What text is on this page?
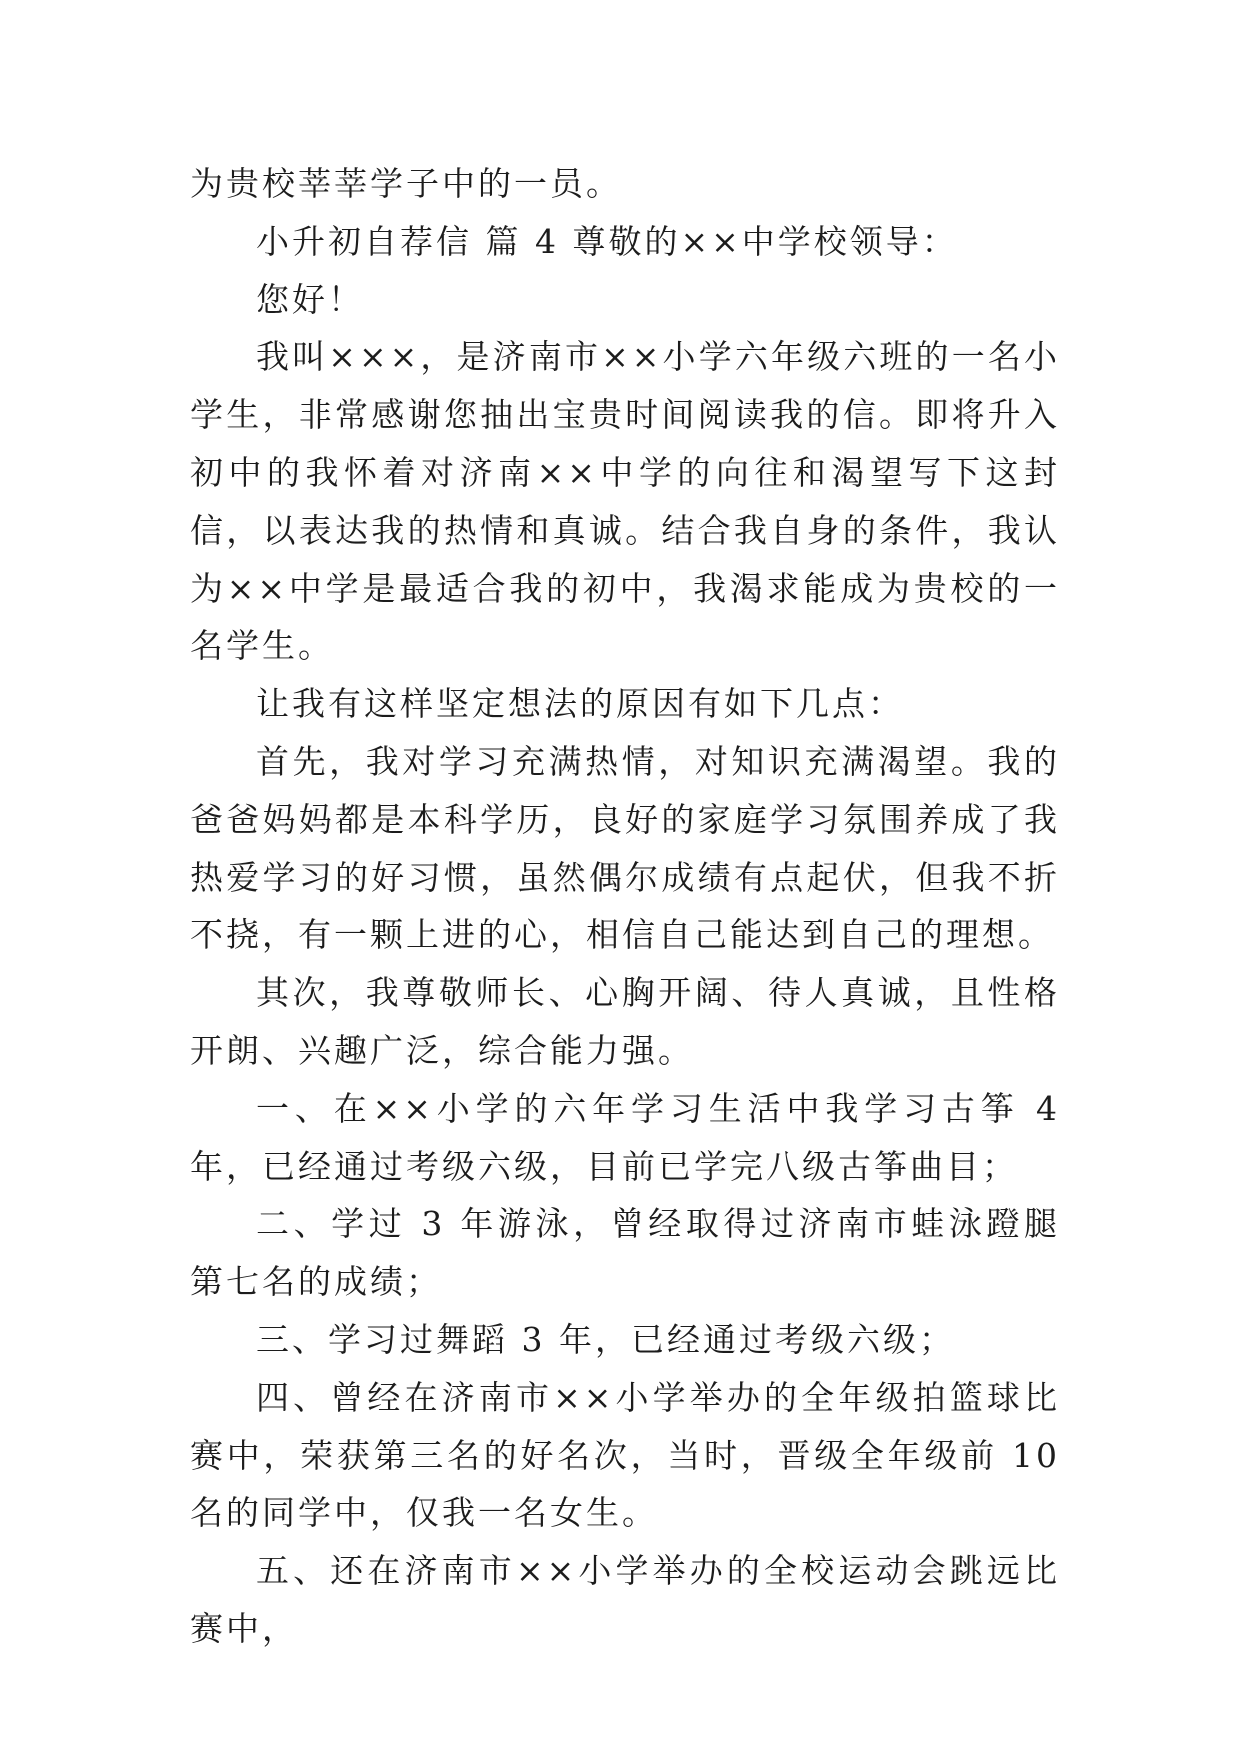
为贵校莘莘学子中的一员。

小升初自荐信 篇 4 尊敬的××中学校领导：

您好！

我叫×××，是济南市××小学六年级六班的一名小学生，非常感谢您抽出宝贵时间阅读我的信。即将升入初中的我怀着对济南××中学的向往和渴望写下这封信，以表达我的热情和真诚。结合我自身的条件，我认为××中学是最适合我的初中，我渴求能成为贵校的一名学生。

让我有这样坚定想法的原因有如下几点：

首先，我对学习充满热情，对知识充满渴望。我的爸爸妈妈都是本科学历，良好的家庭学习氛围养成了我热爱学习的好习惯，虽然偶尔成绩有点起伏，但我不折不挠，有一颗上进的心，相信自己能达到自己的理想。

其次，我尊敬师长、心胸开阔、待人真诚，且性格开朗、兴趣广泛，综合能力强。

一、在××小学的六年学习生活中我学习古筝 4 年，已经通过考级六级，目前已学完八级古筝曲目；

二、学过 3 年游泳，曾经取得过济南市蛙泳蹬腿第七名的成绩；

三、学习过舞蹈 3 年，已经通过考级六级；

四、曾经在济南市××小学举办的全年级拍篮球比赛中，荣获第三名的好名次，当时，晋级全年级前 10 名的同学中，仅我一名女生。

五、还在济南市××小学举办的全校运动会跳远比赛中，
